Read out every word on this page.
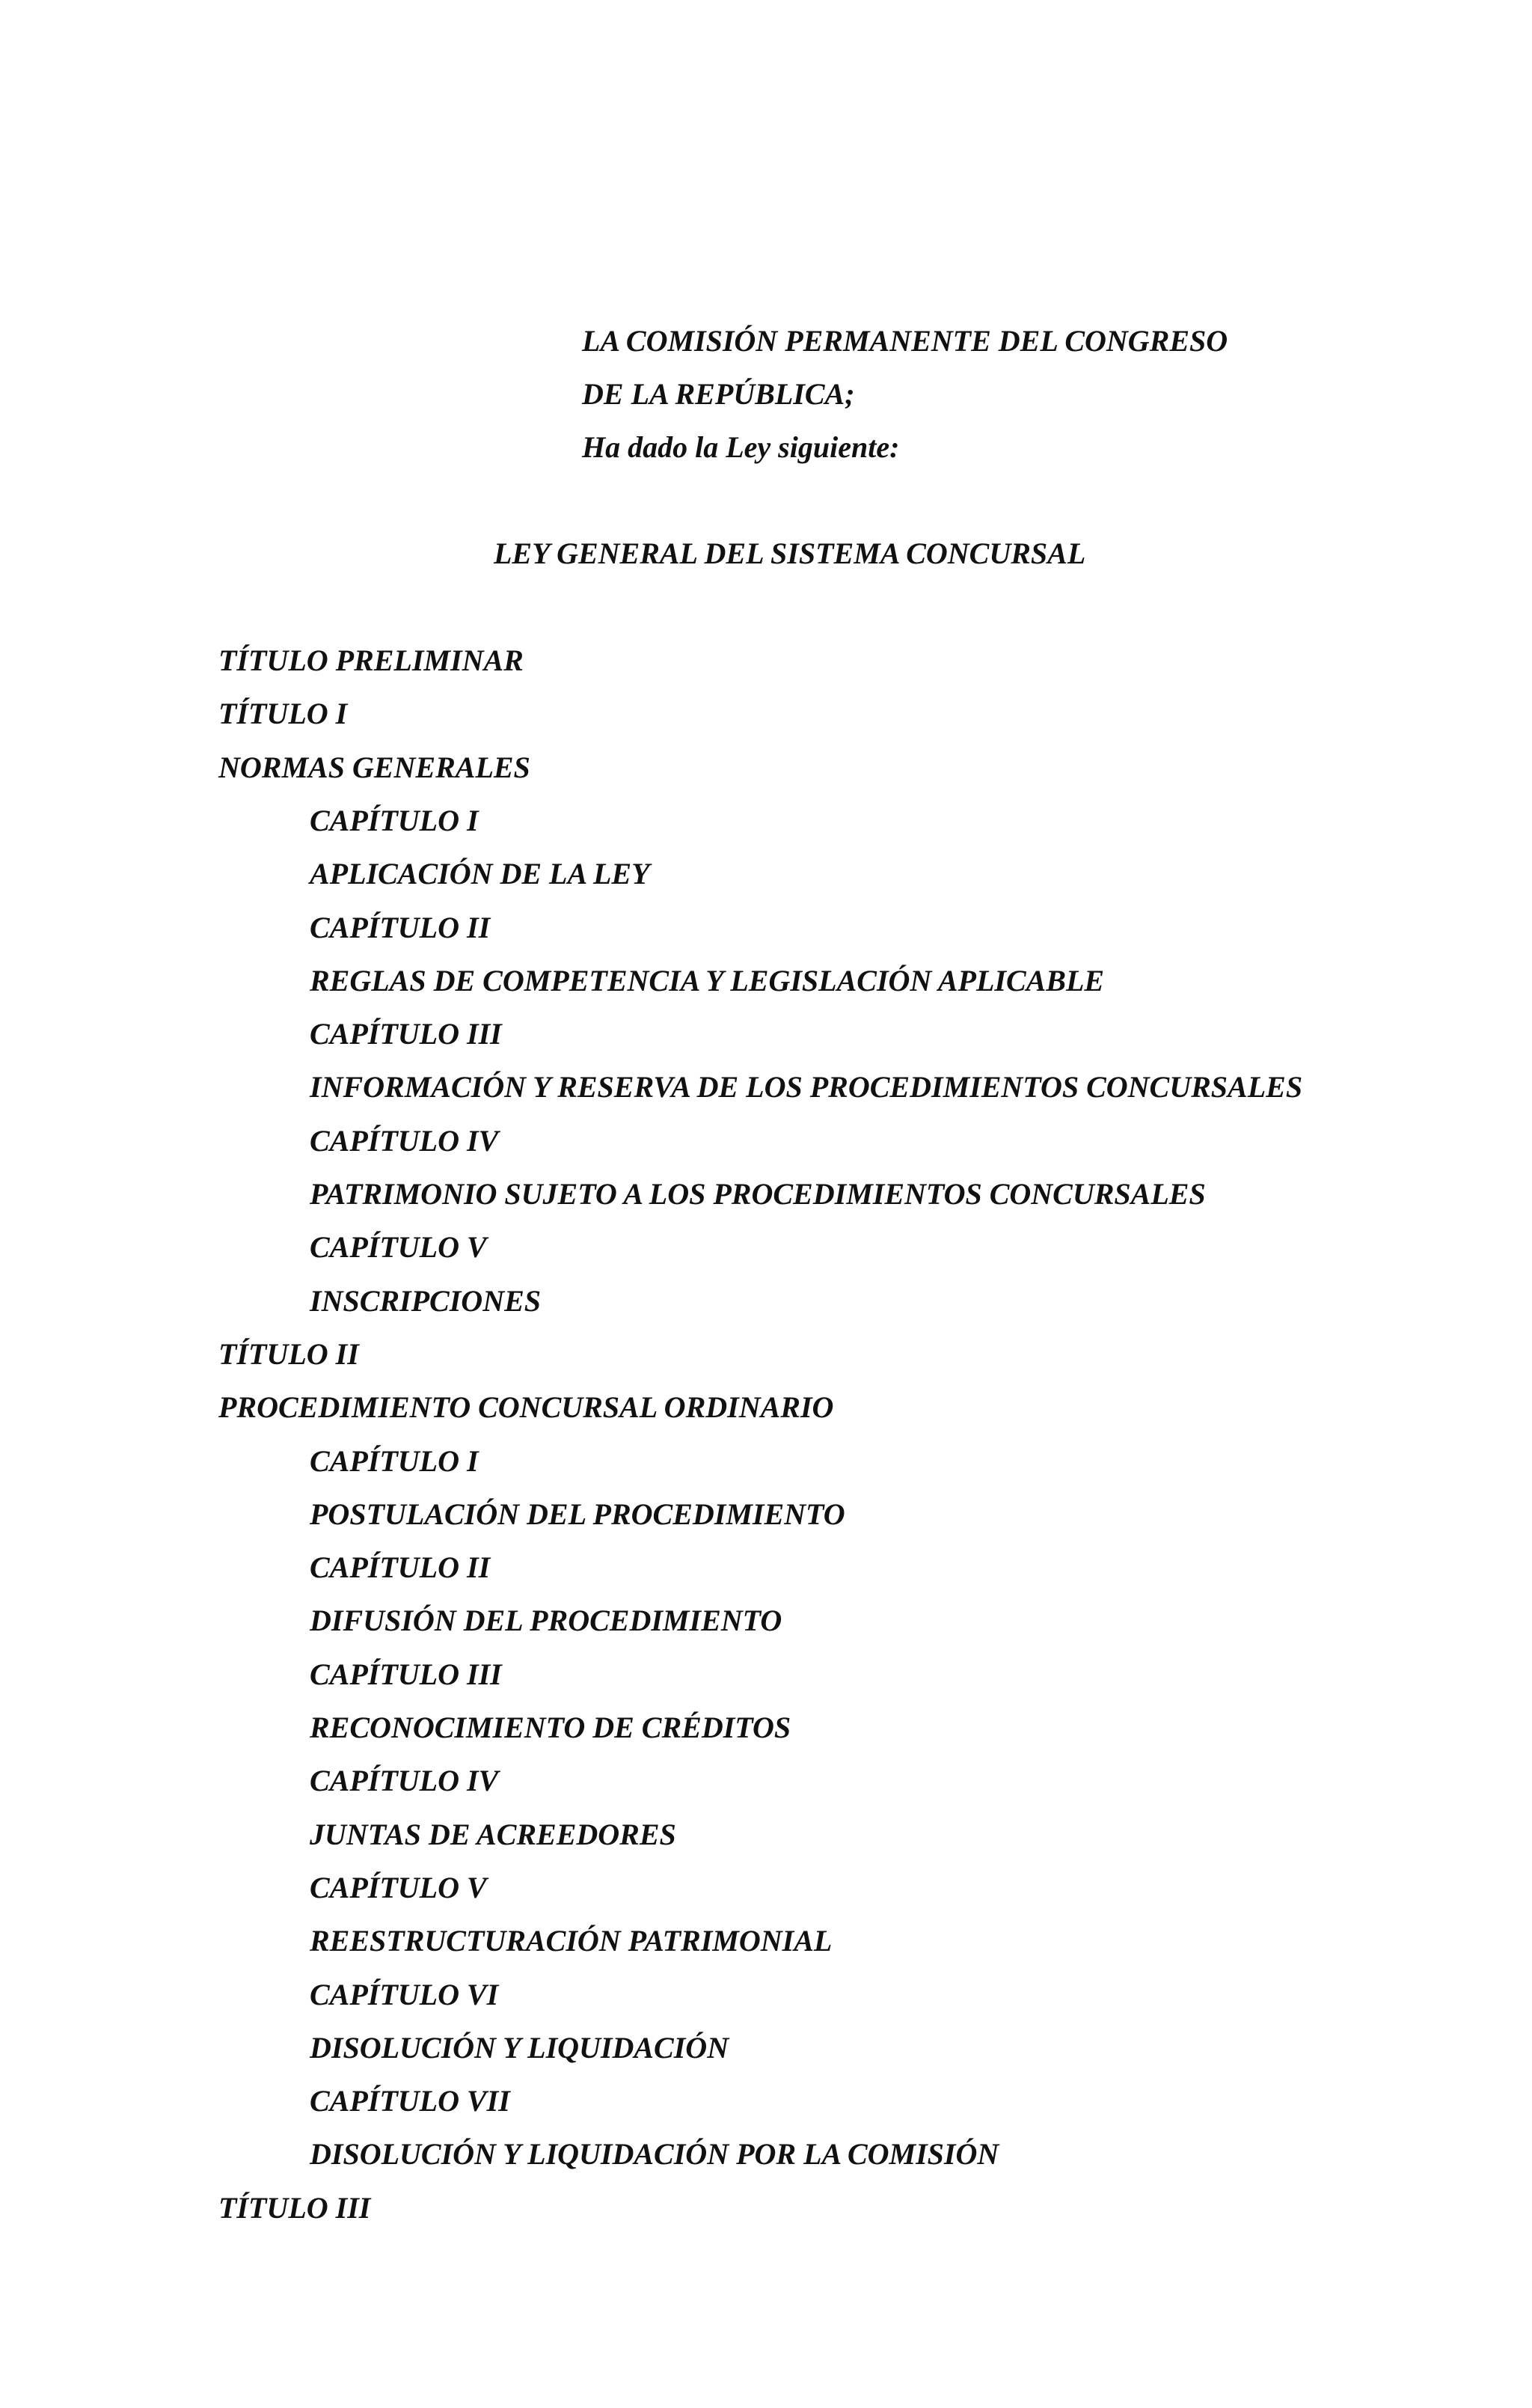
LA COMISIÓN PERMANENTE DEL CONGRESO
DE LA REPÚBLICA;
Ha dado la Ley siguiente:
LEY GENERAL DEL SISTEMA CONCURSAL
TÍTULO PRELIMINAR
TÍTULO I
NORMAS GENERALES
CAPÍTULO I
APLICACIÓN DE LA LEY
CAPÍTULO II
REGLAS DE COMPETENCIA Y LEGISLACIÓN APLICABLE
CAPÍTULO III
INFORMACIÓN Y RESERVA DE LOS PROCEDIMIENTOS CONCURSALES
CAPÍTULO IV
PATRIMONIO SUJETO A LOS PROCEDIMIENTOS CONCURSALES
CAPÍTULO V
INSCRIPCIONES
TÍTULO II
PROCEDIMIENTO CONCURSAL ORDINARIO
CAPÍTULO I
POSTULACIÓN DEL PROCEDIMIENTO
CAPÍTULO II
DIFUSIÓN DEL PROCEDIMIENTO
CAPÍTULO III
RECONOCIMIENTO DE CRÉDITOS
CAPÍTULO IV
JUNTAS DE ACREEDORES
CAPÍTULO V
REESTRUCTURACIÓN PATRIMONIAL
CAPÍTULO VI
DISOLUCIÓN Y LIQUIDACIÓN
CAPÍTULO VII
DISOLUCIÓN Y LIQUIDACIÓN POR LA COMISIÓN
TÍTULO III
